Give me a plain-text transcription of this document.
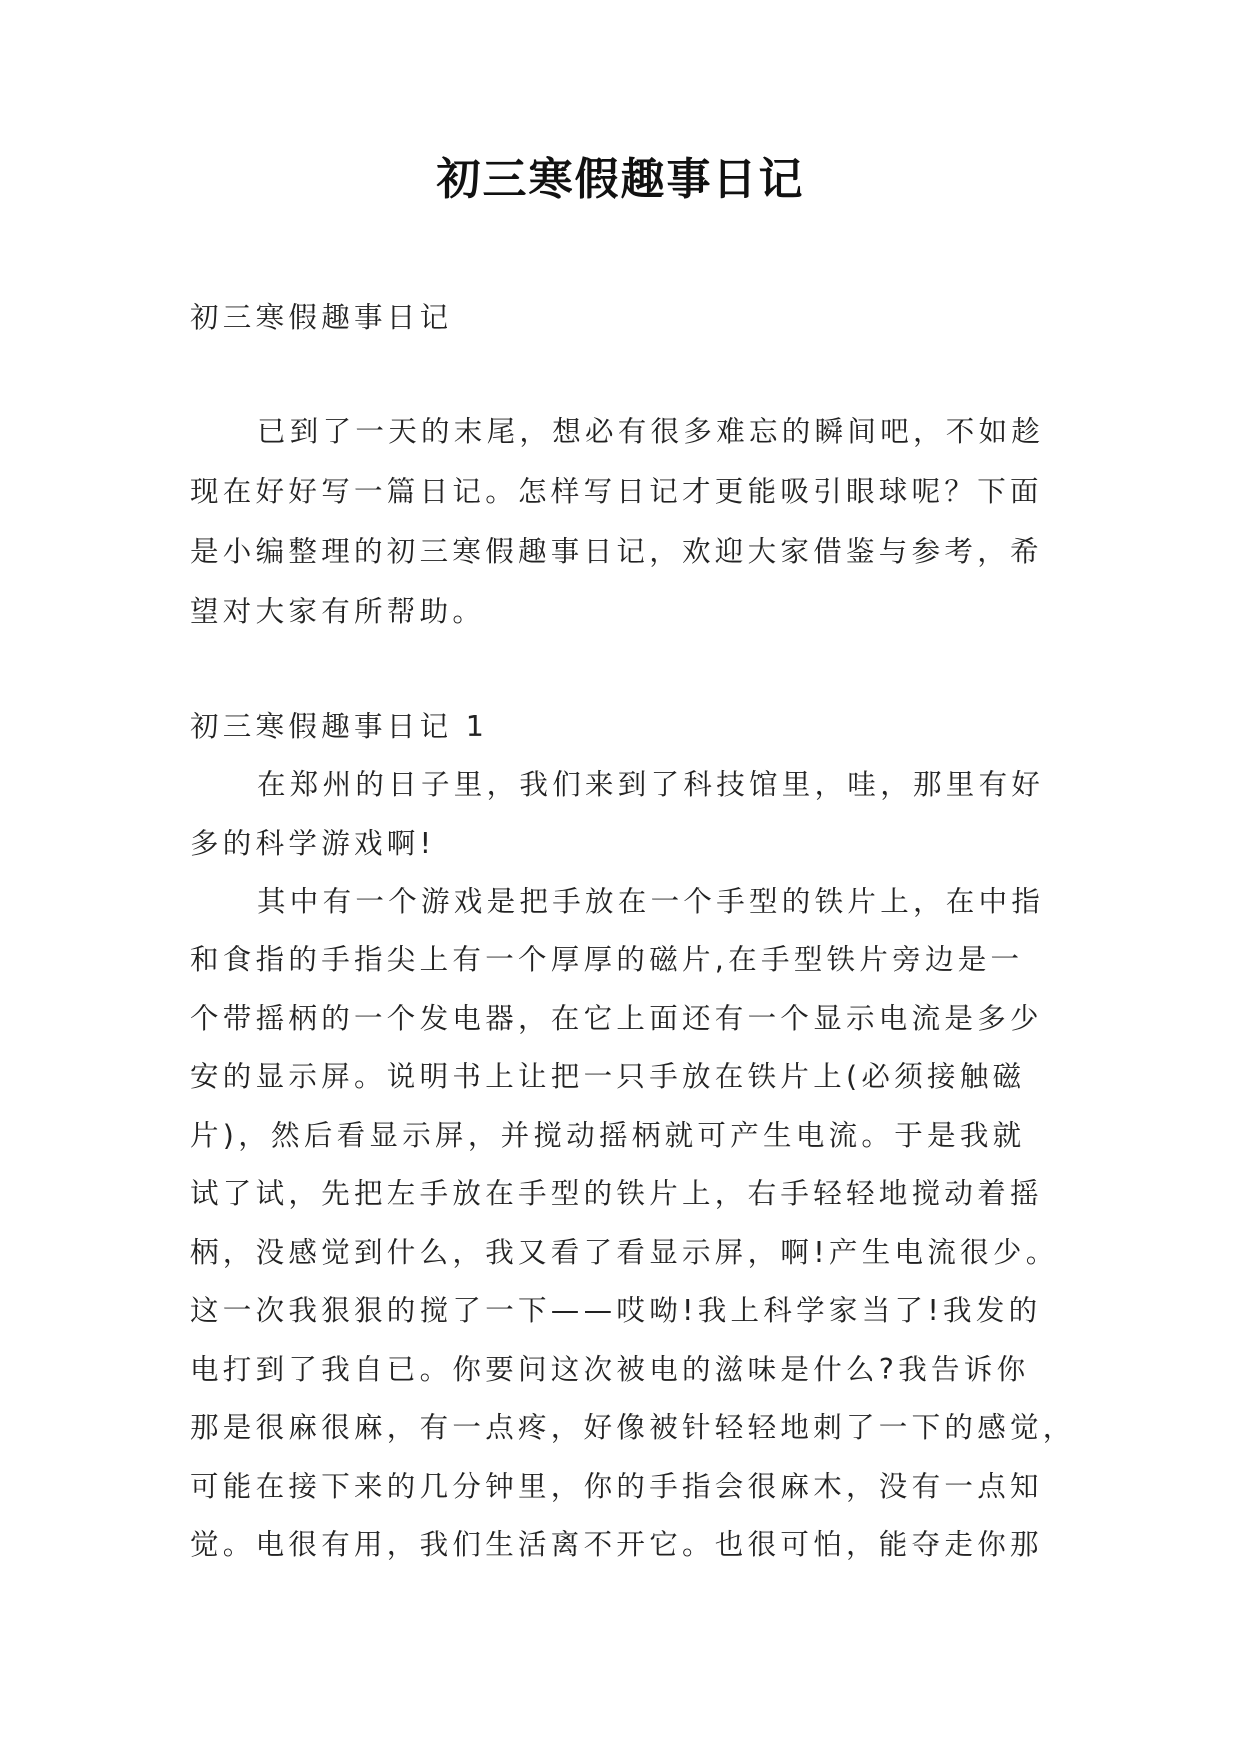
初三寒假趣事日记
初三寒假趣事日记
已到了一天的末尾，想必有很多难忘的瞬间吧，不如趁
现在好好写一篇日记。怎样写日记才更能吸引眼球呢？下面
是小编整理的初三寒假趣事日记，欢迎大家借鉴与参考，希
望对大家有所帮助。
初三寒假趣事日记 1
在郑州的日子里，我们来到了科技馆里，哇，那里有好
多的科学游戏啊!
其中有一个游戏是把手放在一个手型的铁片上，在中指
和食指的手指尖上有一个厚厚的磁片,在手型铁片旁边是一
个带摇柄的一个发电器，在它上面还有一个显示电流是多少
安的显示屏。说明书上让把一只手放在铁片上(必须接触磁
片)，然后看显示屏，并搅动摇柄就可产生电流。于是我就
试了试，先把左手放在手型的铁片上，右手轻轻地搅动着摇
柄，没感觉到什么，我又看了看显示屏，啊!产生电流很少。
这一次我狠狠的搅了一下——哎呦!我上科学家当了!我发的
电打到了我自已。你要问这次被电的滋味是什么?我告诉你
那是很麻很麻，有一点疼，好像被针轻轻地刺了一下的感觉，
可能在接下来的几分钟里，你的手指会很麻木，没有一点知
觉。电很有用，我们生活离不开它。也很可怕，能夺走你那
